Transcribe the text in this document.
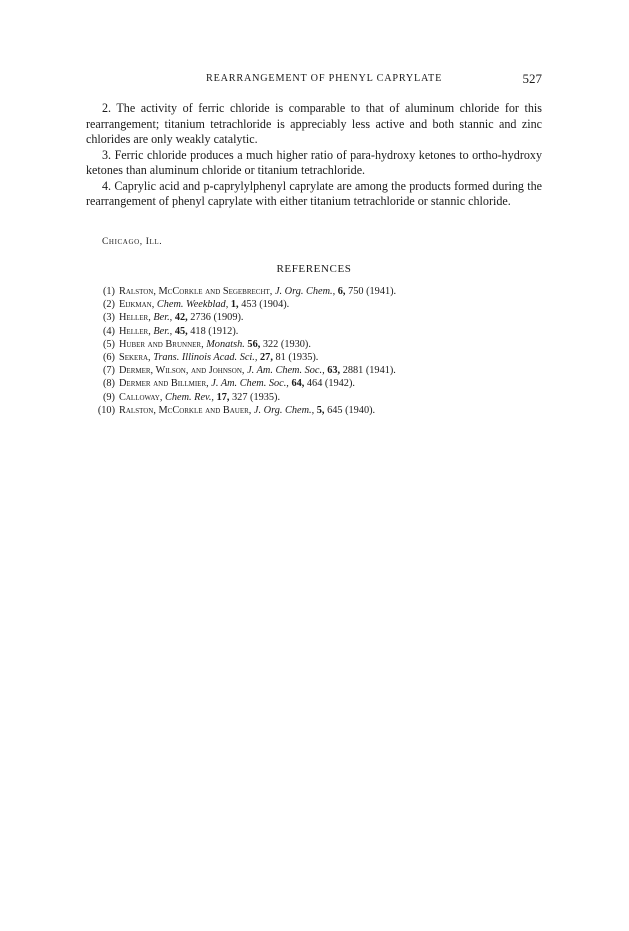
REARRANGEMENT OF PHENYL CAPRYLATE	527

2. The activity of ferric chloride is comparable to that of aluminum chloride for this rearrangement; titanium tetrachloride is appreciably less active and both stannic and zinc chlorides are only weakly catalytic.

3. Ferric chloride produces a much higher ratio of para-hydroxy ketones to ortho-hydroxy ketones than aluminum chloride or titanium tetrachloride.

4. Caprylic acid and p-caprylylphenyl caprylate are among the products formed during the rearrangement of phenyl caprylate with either titanium tetrachloride or stannic chloride.

Chicago, Ill.
REFERENCES
(1) Ralston, McCorkle and Segebrecht, J. Org. Chem., 6, 750 (1941).
(2) Eijkman, Chem. Weekblad, 1, 453 (1904).
(3) Heller, Ber., 42, 2736 (1909).
(4) Heller, Ber., 45, 418 (1912).
(5) Huber and Brunner, Monatsh. 56, 322 (1930).
(6) Sekera, Trans. Illinois Acad. Sci., 27, 81 (1935).
(7) Dermer, Wilson, and Johnson, J. Am. Chem. Soc., 63, 2881 (1941).
(8) Dermer and Billmier, J. Am. Chem. Soc., 64, 464 (1942).
(9) Calloway, Chem. Rev., 17, 327 (1935).
(10) Ralston, McCorkle and Bauer, J. Org. Chem., 5, 645 (1940).
